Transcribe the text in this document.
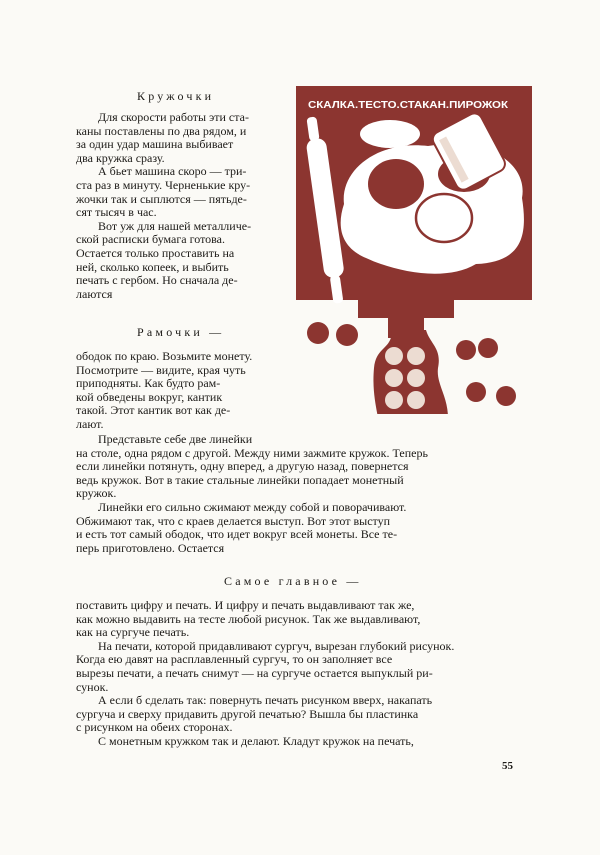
Кружочки

Для скорости работы эти ста-
каны поставлены по два рядом, и
за один удар машина выбивает
два кружка сразу.

А бьет машина скоро — три-
ста раз в минуту. Черненькие кру-
жочки так и сыплются — пятьде-
сят тысяч в час.

Вот уж для нашей металличе-
ской расписки бумага готова.
Остается только проставить на
ней, сколько копеек, и выбить
печать с гербом. Но сначала де-
лаются

Рамочки —

ободок по краю. Возьмите монету.
Посмотрите — видите, края чуть
приподняты. Как будто рам-
кой обведены вокруг, кантик
такой. Этот кантик вот как де-
лают.

Представьте себе две линейки
на столе, одна рядом с другой. Между ними зажмите кружок. Теперь
если линейки потянуть, одну вперед, а другую назад, повернется
ведь кружок. Вот в такие стальные линейки попадает монетный
кружок.

Линейки его сильно сжимают между собой и поворачивают.
Обжимают так, что с краев делается выступ. Вот этот выступ
и есть тот самый ободок, что идет вокруг всей монеты. Все те-
перь приготовлено. Остается

Самое главное —

поставить цифру и печать. И цифру и печать выдавливают так же,
как можно выдавить на тесте любой рисунок. Так же выдавливают,
как на сургуче печать.

На печати, которой придавливают сургуч, вырезан глубокий рисунок.
Когда ею давят на расплавленный сургуч, то он заполняет все
вырезы печати, а печать снимут — на сургуче остается выпуклый ри-
сунок.

А если б сделать так: повернуть печать рисунком вверх, накапать
сургуча и сверху придавить другой печатью? Вышла бы пластинка
с рисунком на обеих сторонах.

С монетным кружком так и делают. Кладут кружок на печать,

55

СКАЛКА.ТЕСТО.СТАКАН.ПИРОЖОК
